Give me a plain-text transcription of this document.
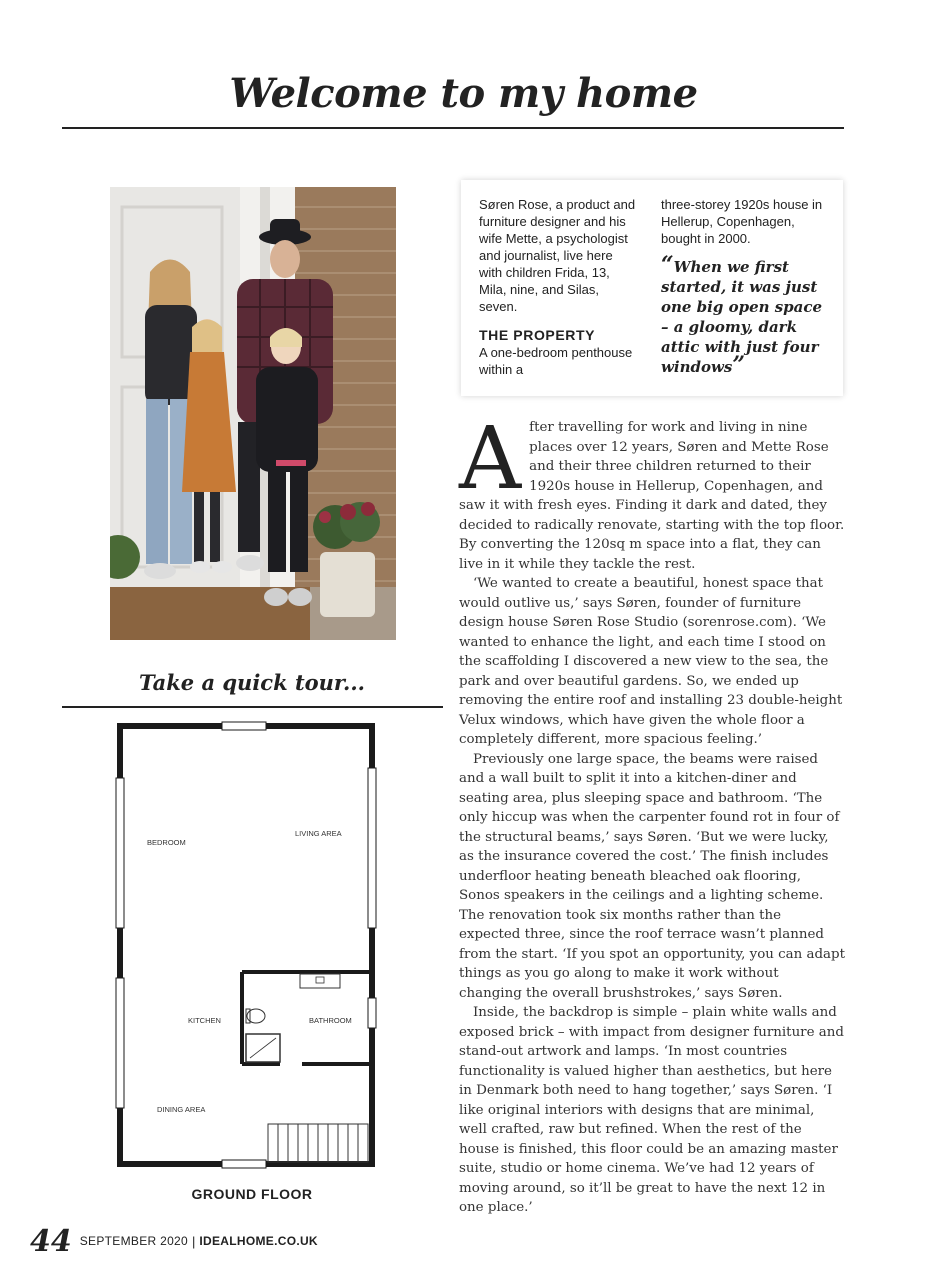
Welcome to my home

Søren Rose, a product and furniture designer and his wife Mette, a psychologist and journalist, live here with children Frida, 13, Mila, nine, and Silas, seven.

THE PROPERTY

A one-bedroom penthouse within a

three-storey 1920s house in Hellerup, Copenhagen, bought in 2000.

“When we first started, it was just one big open space – a gloomy, dark attic with just four windows”

After travelling for work and living in nine places over 12 years, Søren and Mette Rose and their three children returned to their 1920s house in Hellerup, Copenhagen, and saw it with fresh eyes. Finding it dark and dated, they decided to radically renovate, starting with the top floor. By converting the 120sq m space into a flat, they can live in it while they tackle the rest.

‘We wanted to create a beautiful, honest space that would outlive us,’ says Søren, founder of furniture design house Søren Rose Studio (sorenrose.com). ‘We wanted to enhance the light, and each time I stood on the scaffolding I discovered a new view to the sea, the park and over beautiful gardens. So, we ended up removing the entire roof and installing 23 double-height Velux windows, which have given the whole floor a completely different, more spacious feeling.’

Previously one large space, the beams were raised and a wall built to split it into a kitchen-diner and seating area, plus sleeping space and bathroom. ‘The only hiccup was when the carpenter found rot in four of the structural beams,’ says Søren. ‘But we were lucky, as the insurance covered the cost.’ The finish includes underfloor heating beneath bleached oak flooring, Sonos speakers in the ceilings and a lighting scheme. The renovation took six months rather than the expected three, since the roof terrace wasn’t planned from the start. ‘If you spot an opportunity, you can adapt things as you go along to make it work without changing the overall brushstrokes,’ says Søren.

Inside, the backdrop is simple – plain white walls and exposed brick – with impact from designer furniture and stand-out artwork and lamps. ‘In most countries functionality is valued higher than aesthetics, but here in Denmark both need to hang together,’ says Søren. ‘I like original interiors with designs that are minimal, well crafted, raw but refined. When the rest of the house is finished, this floor could be an amazing master suite, studio or home cinema. We’ve had 12 years of moving around, so it’ll be great to have the next 12 in one place.’

Take a quick tour...
BEDROOM
LIVING AREA
KITCHEN	BATHROOM
DINING AREA
GROUND FLOOR
44 SEPTEMBER 2020 | IDEALHOME.CO.UK
